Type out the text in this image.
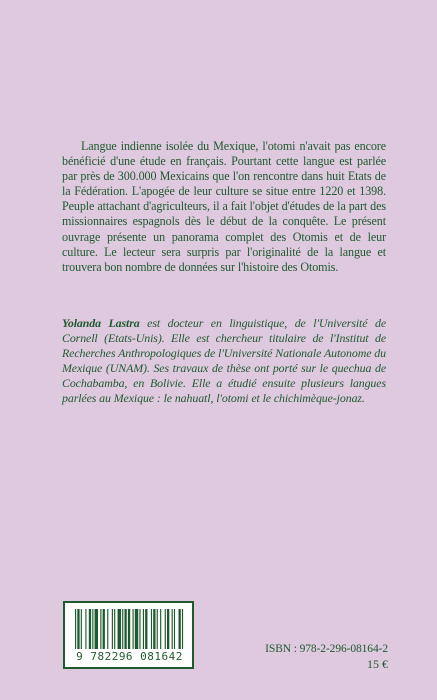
Langue indienne isolée du Mexique, l'otomi n'avait pas encore bénéficié d'une étude en français. Pourtant cette langue est parlée par près de 300.000 Mexicains que l'on rencontre dans huit Etats de la Fédération. L'apogée de leur culture se situe entre 1220 et 1398. Peuple attachant d'agriculteurs, il a fait l'objet d'études de la part des missionnaires espagnols dès le début de la conquête. Le présent ouvrage présente un panorama complet des Otomis et de leur culture. Le lecteur sera surpris par l'originalité de la langue et trouvera bon nombre de données sur l'histoire des Otomis.

Yolanda Lastra est docteur en linguistique, de l'Université de Cornell (Etats-Unis). Elle est chercheur titulaire de l'Institut de Recherches Anthropologiques de l'Université Nationale Autonome du Mexique (UNAM). Ses travaux de thèse ont porté sur le quechua de Cochabamba, en Bolivie. Elle a étudié ensuite plusieurs langues parlées au Mexique : le nahuatl, l'otomi et le chichimèque-jonaz.

9 782296 081642
ISBN : 978-2-296-08164-2
15 €
